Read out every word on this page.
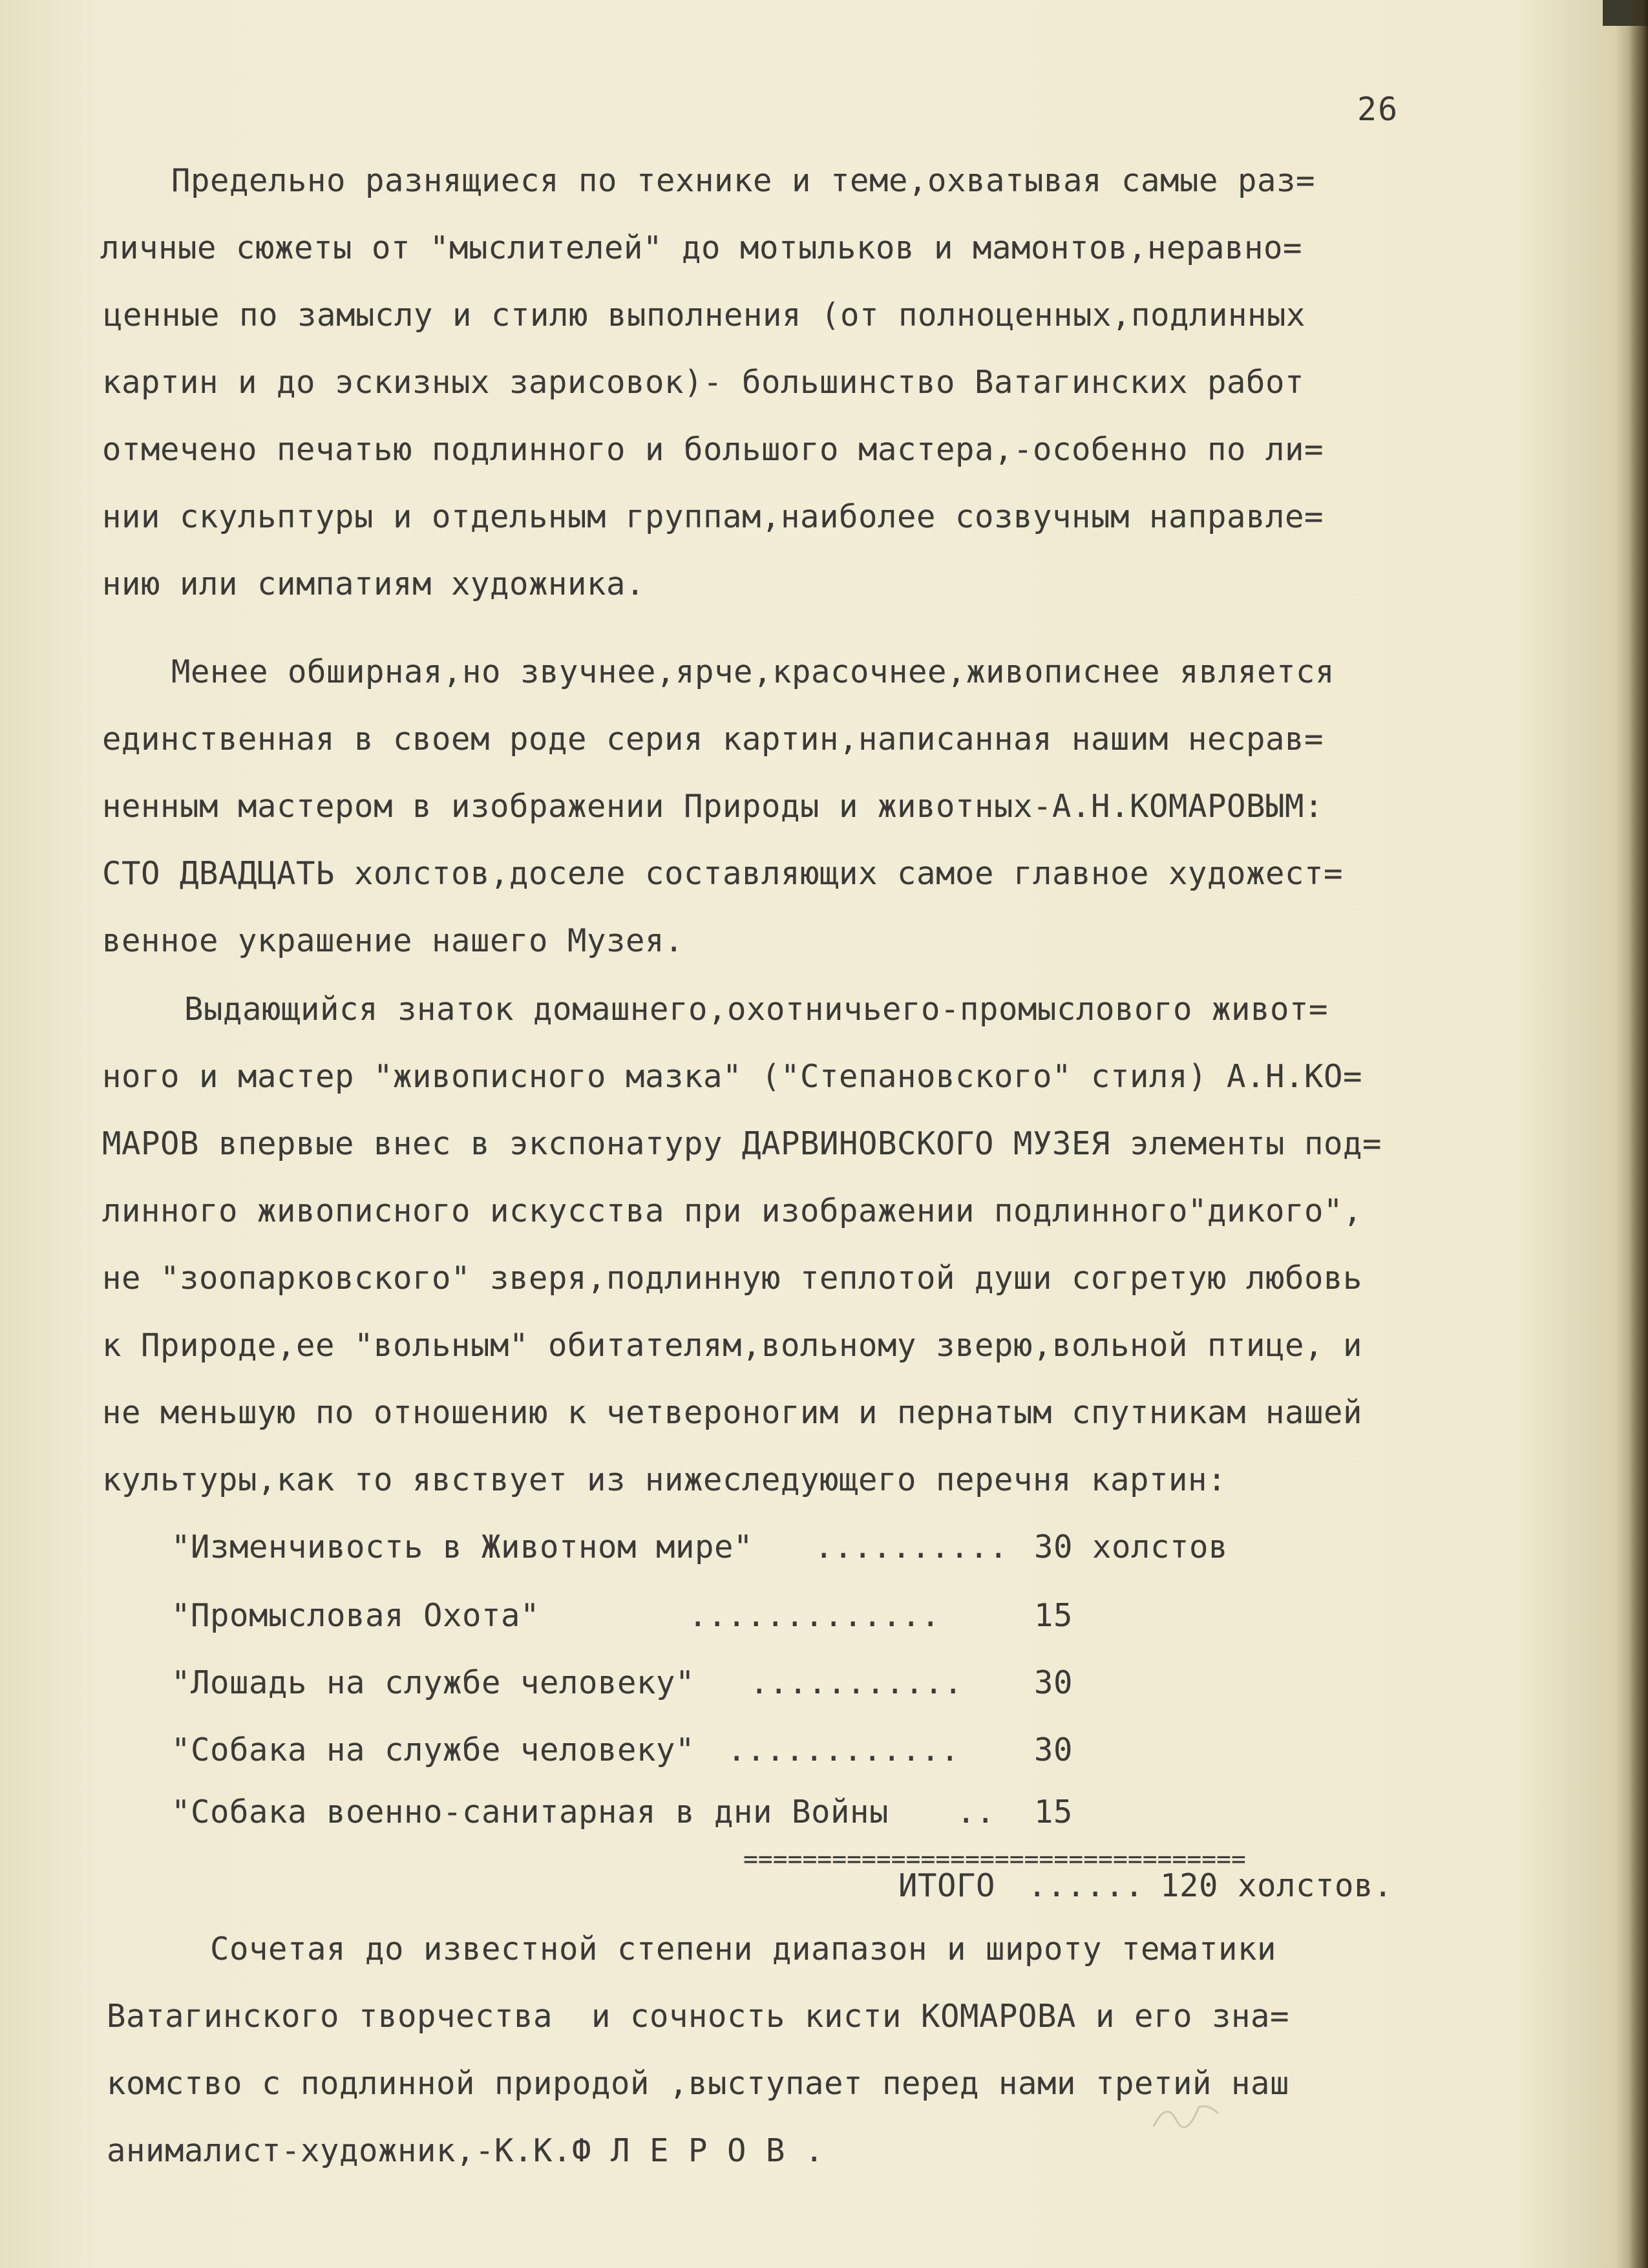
26
Предельно разнящиеся по технике и теме,охватывая самые раз=
личные сюжеты от "мыслителей" до мотыльков и мамонтов,неравно=
ценные по замыслу и стилю выполнения (от полноценных,подлинных
картин и до эскизных зарисовок)- большинство Ватагинских работ
отмечено печатью подлинного и большого мастера,-особенно по ли=
нии скульптуры и отдельным группам,наиболее созвучным направле=
нию или симпатиям художника.
Менее обширная,но звучнее,ярче,красочнее,живописнее является
единственная в своем роде серия картин,написанная нашим несрав=
ненным мастером в изображении Природы и животных-А.Н.КОМАРОВЫМ:
СТО ДВАДЦАТЬ холстов,доселе составляющих самое главное художест=
венное украшение нашего Музея.
Выдающийся знаток домашнего,охотничьего-промыслового живот=
ного и мастер "живописного мазка" ("Степановского" стиля) А.Н.КО=
МАРОВ впервые внес в экспонатуру ДАРВИНОВСКОГО МУЗЕЯ элементы под=
линного живописного искусства при изображении подлинного"дикого",
не "зоопарковского" зверя,подлинную теплотой души согретую любовь
к Природе,ее "вольным" обитателям,вольному зверю,вольной птице, и
не меньшую по отношению к четвероногим и пернатым спутникам нашей
культуры,как то явствует из нижеследующего перечня картин:
"Изменчивость в Животном мире" .......... 30 холстов
"Промысловая Охота"	.............	15
"Лошадь на службе человеку" ........... 30
"Собака на службе человеку" ............ 30
"Собака военно-санитарная в дни Войны .. 15
==================================
ИТОГО ...... 120 холстов.
Сочетая до известной степени диапазон и широту тематики
Ватагинского творчества  и сочность кисти КОМАРОВА и его зна=
комство с подлинной природой ,выступает перед нами третий наш
анималист-художник,-К.К.Ф Л Е Р О В .
